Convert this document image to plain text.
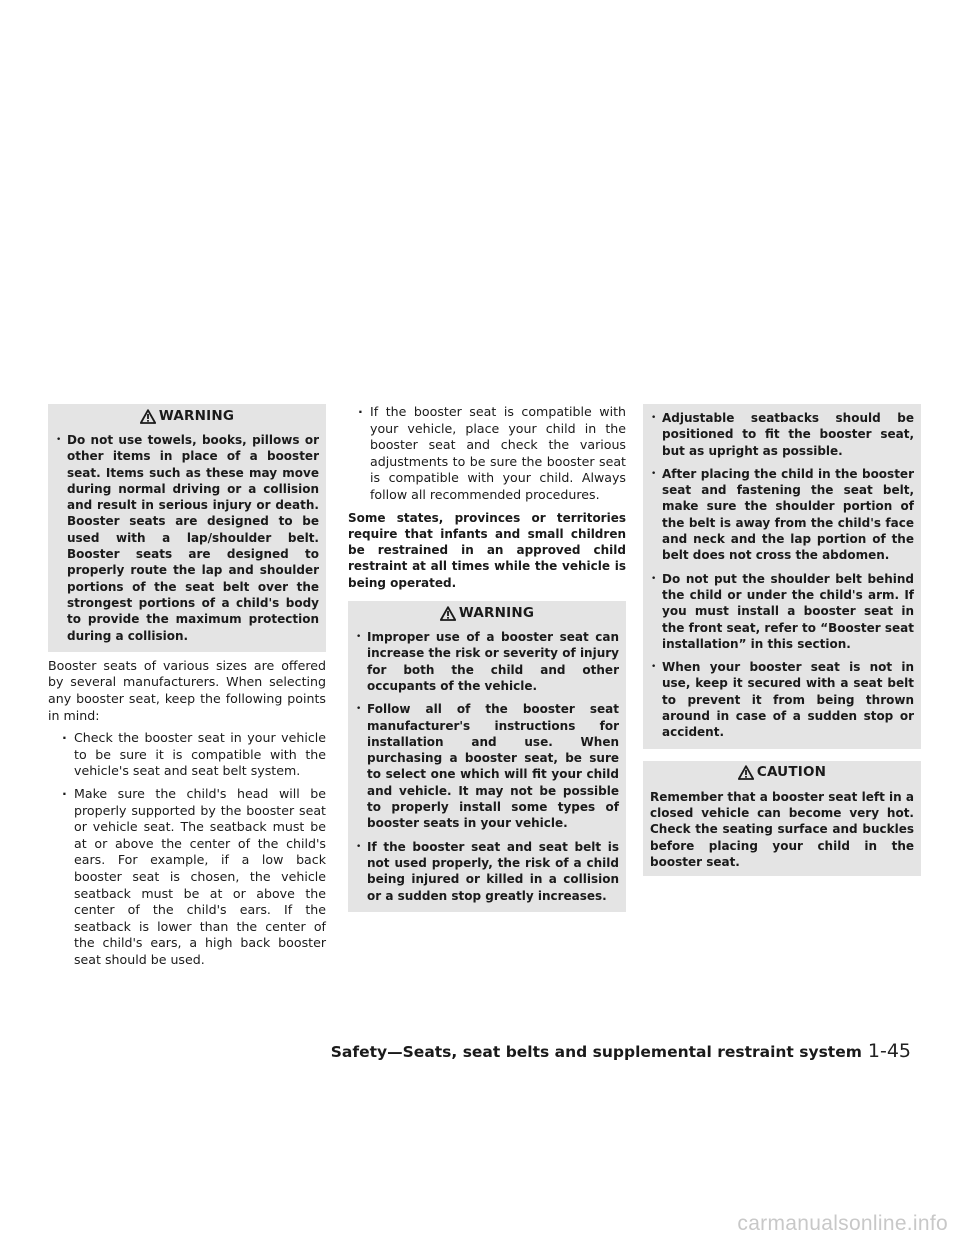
WARNING
• Do not use towels, books, pillows or other items in place of a booster seat. Items such as these may move during normal driving or a collision and result in serious injury or death. Booster seats are designed to be used with a lap/shoulder belt. Booster seats are designed to properly route the lap and shoulder portions of the seat belt over the strongest portions of a child's body to provide the maximum protection during a collision.

Booster seats of various sizes are offered by several manufacturers. When selecting any booster seat, keep the following points in mind:

· Check the booster seat in your vehicle to be sure it is compatible with the vehicle's seat and seat belt system.
· Make sure the child's head will be properly supported by the booster seat or vehicle seat. The seatback must be at or above the center of the child's ears. For example, if a low back booster seat is chosen, the vehicle seatback must be at or above the center of the child's ears. If the seatback is lower than the center of the child's ears, a high back booster seat should be used.
· If the booster seat is compatible with your vehicle, place your child in the booster seat and check the various adjustments to be sure the booster seat is compatible with your child. Always follow all recommended procedures.

Some states, provinces or territories require that infants and small children be restrained in an approved child restraint at all times while the vehicle is being operated.

WARNING
• Improper use of a booster seat can increase the risk or severity of injury for both the child and other occupants of the vehicle.
• Follow all of the booster seat manufacturer's instructions for installation and use. When purchasing a booster seat, be sure to select one which will fit your child and vehicle. It may not be possible to properly install some types of booster seats in your vehicle.
• If the booster seat and seat belt is not used properly, the risk of a child being injured or killed in a collision or a sudden stop greatly increases.
• Adjustable seatbacks should be positioned to fit the booster seat, but as upright as possible.
• After placing the child in the booster seat and fastening the seat belt, make sure the shoulder portion of the belt is away from the child's face and neck and the lap portion of the belt does not cross the abdomen.
• Do not put the shoulder belt behind the child or under the child's arm. If you must install a booster seat in the front seat, refer to “Booster seat installation” in this section.
• When your booster seat is not in use, keep it secured with a seat belt to prevent it from being thrown around in case of a sudden stop or accident.
CAUTION

Remember that a booster seat left in a closed vehicle can become very hot. Check the seating surface and buckles before placing your child in the booster seat.

Safety—Seats, seat belts and supplemental restraint system 1-45
carmanualsonline.info
